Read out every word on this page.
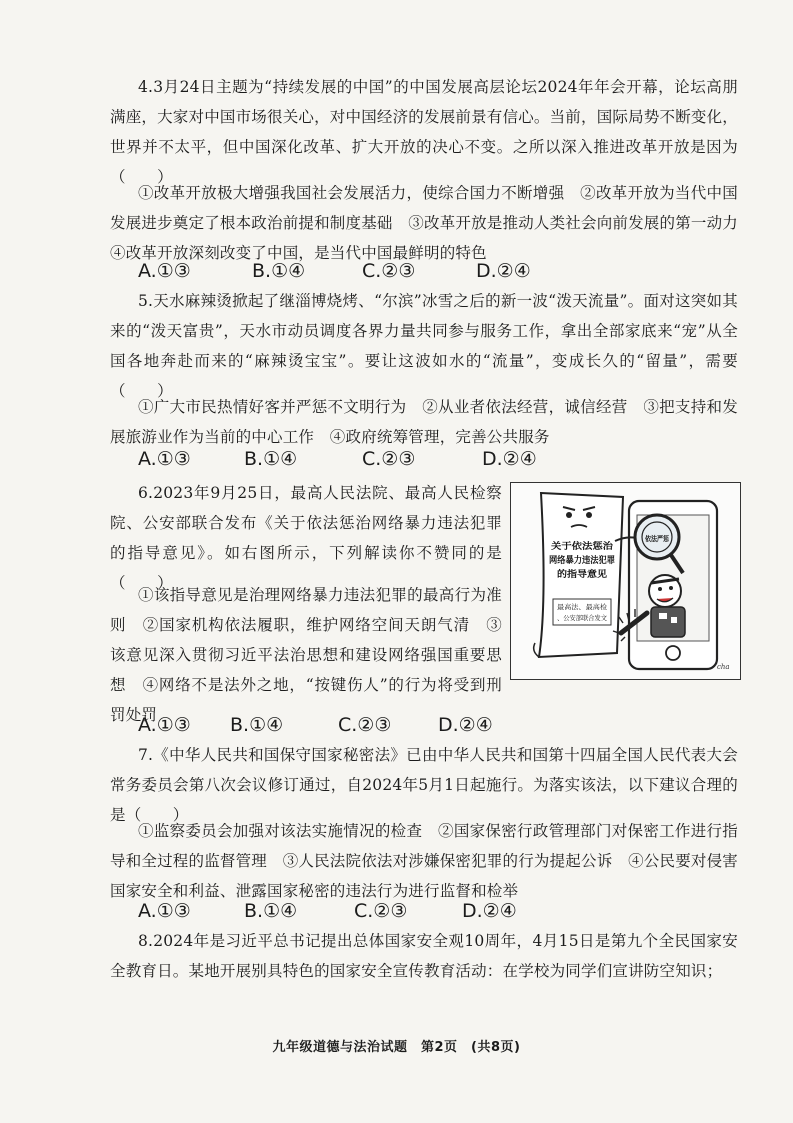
4.3月24日主题为“持续发展的中国”的中国发展高层论坛2024年年会开幕，论坛高朋满座，大家对中国市场很关心，对中国经济的发展前景有信心。当前，国际局势不断变化，世界并不太平，但中国深化改革、扩大开放的决心不变。之所以深入推进改革开放是因为（　　）
①改革开放极大增强我国社会发展活力，使综合国力不断增强　②改革开放为当代中国发展进步奠定了根本政治前提和制度基础　③改革开放是推动人类社会向前发展的第一动力　④改革开放深刻改变了中国，是当代中国最鲜明的特色
A.①③	B.①④	C.②③	D.②④
5.天水麻辣烫掀起了继淄博烧烤、“尔滨”冰雪之后的新一波“泼天流量”。面对这突如其来的“泼天富贵”，天水市动员调度各界力量共同参与服务工作，拿出全部家底来“宠”从全国各地奔赴而来的“麻辣烫宝宝”。要让这波如水的“流量”，变成长久的“留量”，需要（　　）
①广大市民热情好客并严惩不文明行为　②从业者依法经营，诚信经营　③把支持和发展旅游业作为当前的中心工作　④政府统筹管理，完善公共服务
A.①③	B.①④	C.②③	D.②④
6.2023年9月25日，最高人民法院、最高人民检察院、公安部联合发布《关于依法惩治网络暴力违法犯罪的指导意见》。如右图所示，下列解读你不赞同的是（　　）
①该指导意见是治理网络暴力违法犯罪的最高行为准则　②国家机构依法履职，维护网络空间天朗气清　③该意见深入贯彻习近平法治思想和建设网络强国重要思想　④网络不是法外之地，“按键伤人”的行为将受到刑罚处罚
A.①③ B.①④	C.②③ D.②④
关于依法惩治
网络暴力违法犯罪
的指导意见
最高法、最高检
、公安部联合发文
依法严惩
cha
7.《中华人民共和国保守国家秘密法》已由中华人民共和国第十四届全国人民代表大会常务委员会第八次会议修订通过，自2024年5月1日起施行。为落实该法，以下建议合理的是（　　）
①监察委员会加强对该法实施情况的检查　②国家保密行政管理部门对保密工作进行指导和全过程的监督管理　③人民法院依法对涉嫌保密犯罪的行为提起公诉　④公民要对侵害国家安全和利益、泄露国家秘密的违法行为进行监督和检举
A.①③	B.①④	C.②③	D.②④
8.2024年是习近平总书记提出总体国家安全观10周年，4月15日是第九个全民国家安全教育日。某地开展别具特色的国家安全宣传教育活动：在学校为同学们宣讲防空知识；
九年级道德与法治试题　第2页　(共8页)
